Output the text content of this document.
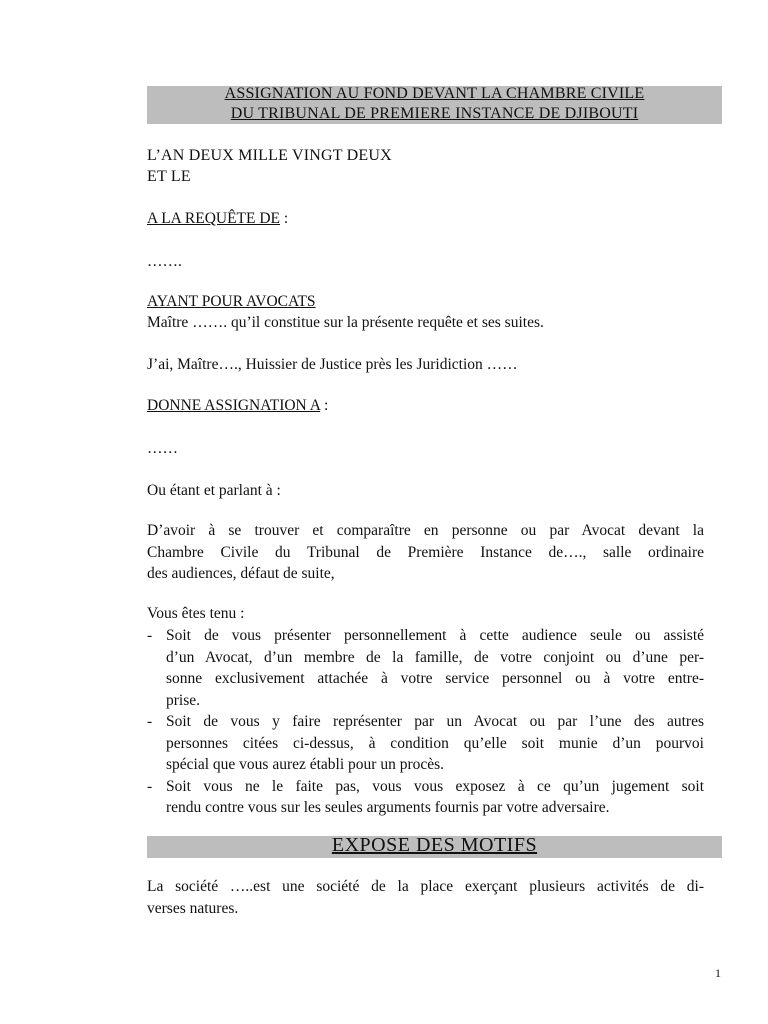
ASSIGNATION AU FOND DEVANT LA CHAMBRE CIVILE
DU TRIBUNAL DE PREMIERE INSTANCE DE DJIBOUTI
L’AN DEUX MILLE VINGT DEUX
ET LE
A LA REQUÊTE DE :
…….
AYANT POUR AVOCATS
Maître ……. qu’il constitue sur la présente requête et ses suites.
J’ai, Maître…., Huissier de Justice près les Juridiction ……
DONNE ASSIGNATION A :
……
Ou étant et parlant à :
D’avoir à se trouver et comparaître en personne ou par Avocat devant la
Chambre Civile du Tribunal de Première Instance de…., salle ordinaire
des audiences, défaut de suite,
Vous êtes tenu :
- Soit de vous présenter personnellement à cette audience seule ou assisté
d’un Avocat, d’un membre de la famille, de votre conjoint ou d’une per-
sonne exclusivement attachée à votre service personnel ou à votre entre-
prise.
- Soit de vous y faire représenter par un Avocat ou par l’une des autres
personnes citées ci-dessus, à condition qu’elle soit munie d’un pourvoi
spécial que vous aurez établi pour un procès.
- Soit vous ne le faite pas, vous vous exposez à ce qu’un jugement soit
rendu contre vous sur les seules arguments fournis par votre adversaire.
EXPOSE DES MOTIFS
La société …..est une société de la place exerçant plusieurs activités de di-
verses natures.
1
